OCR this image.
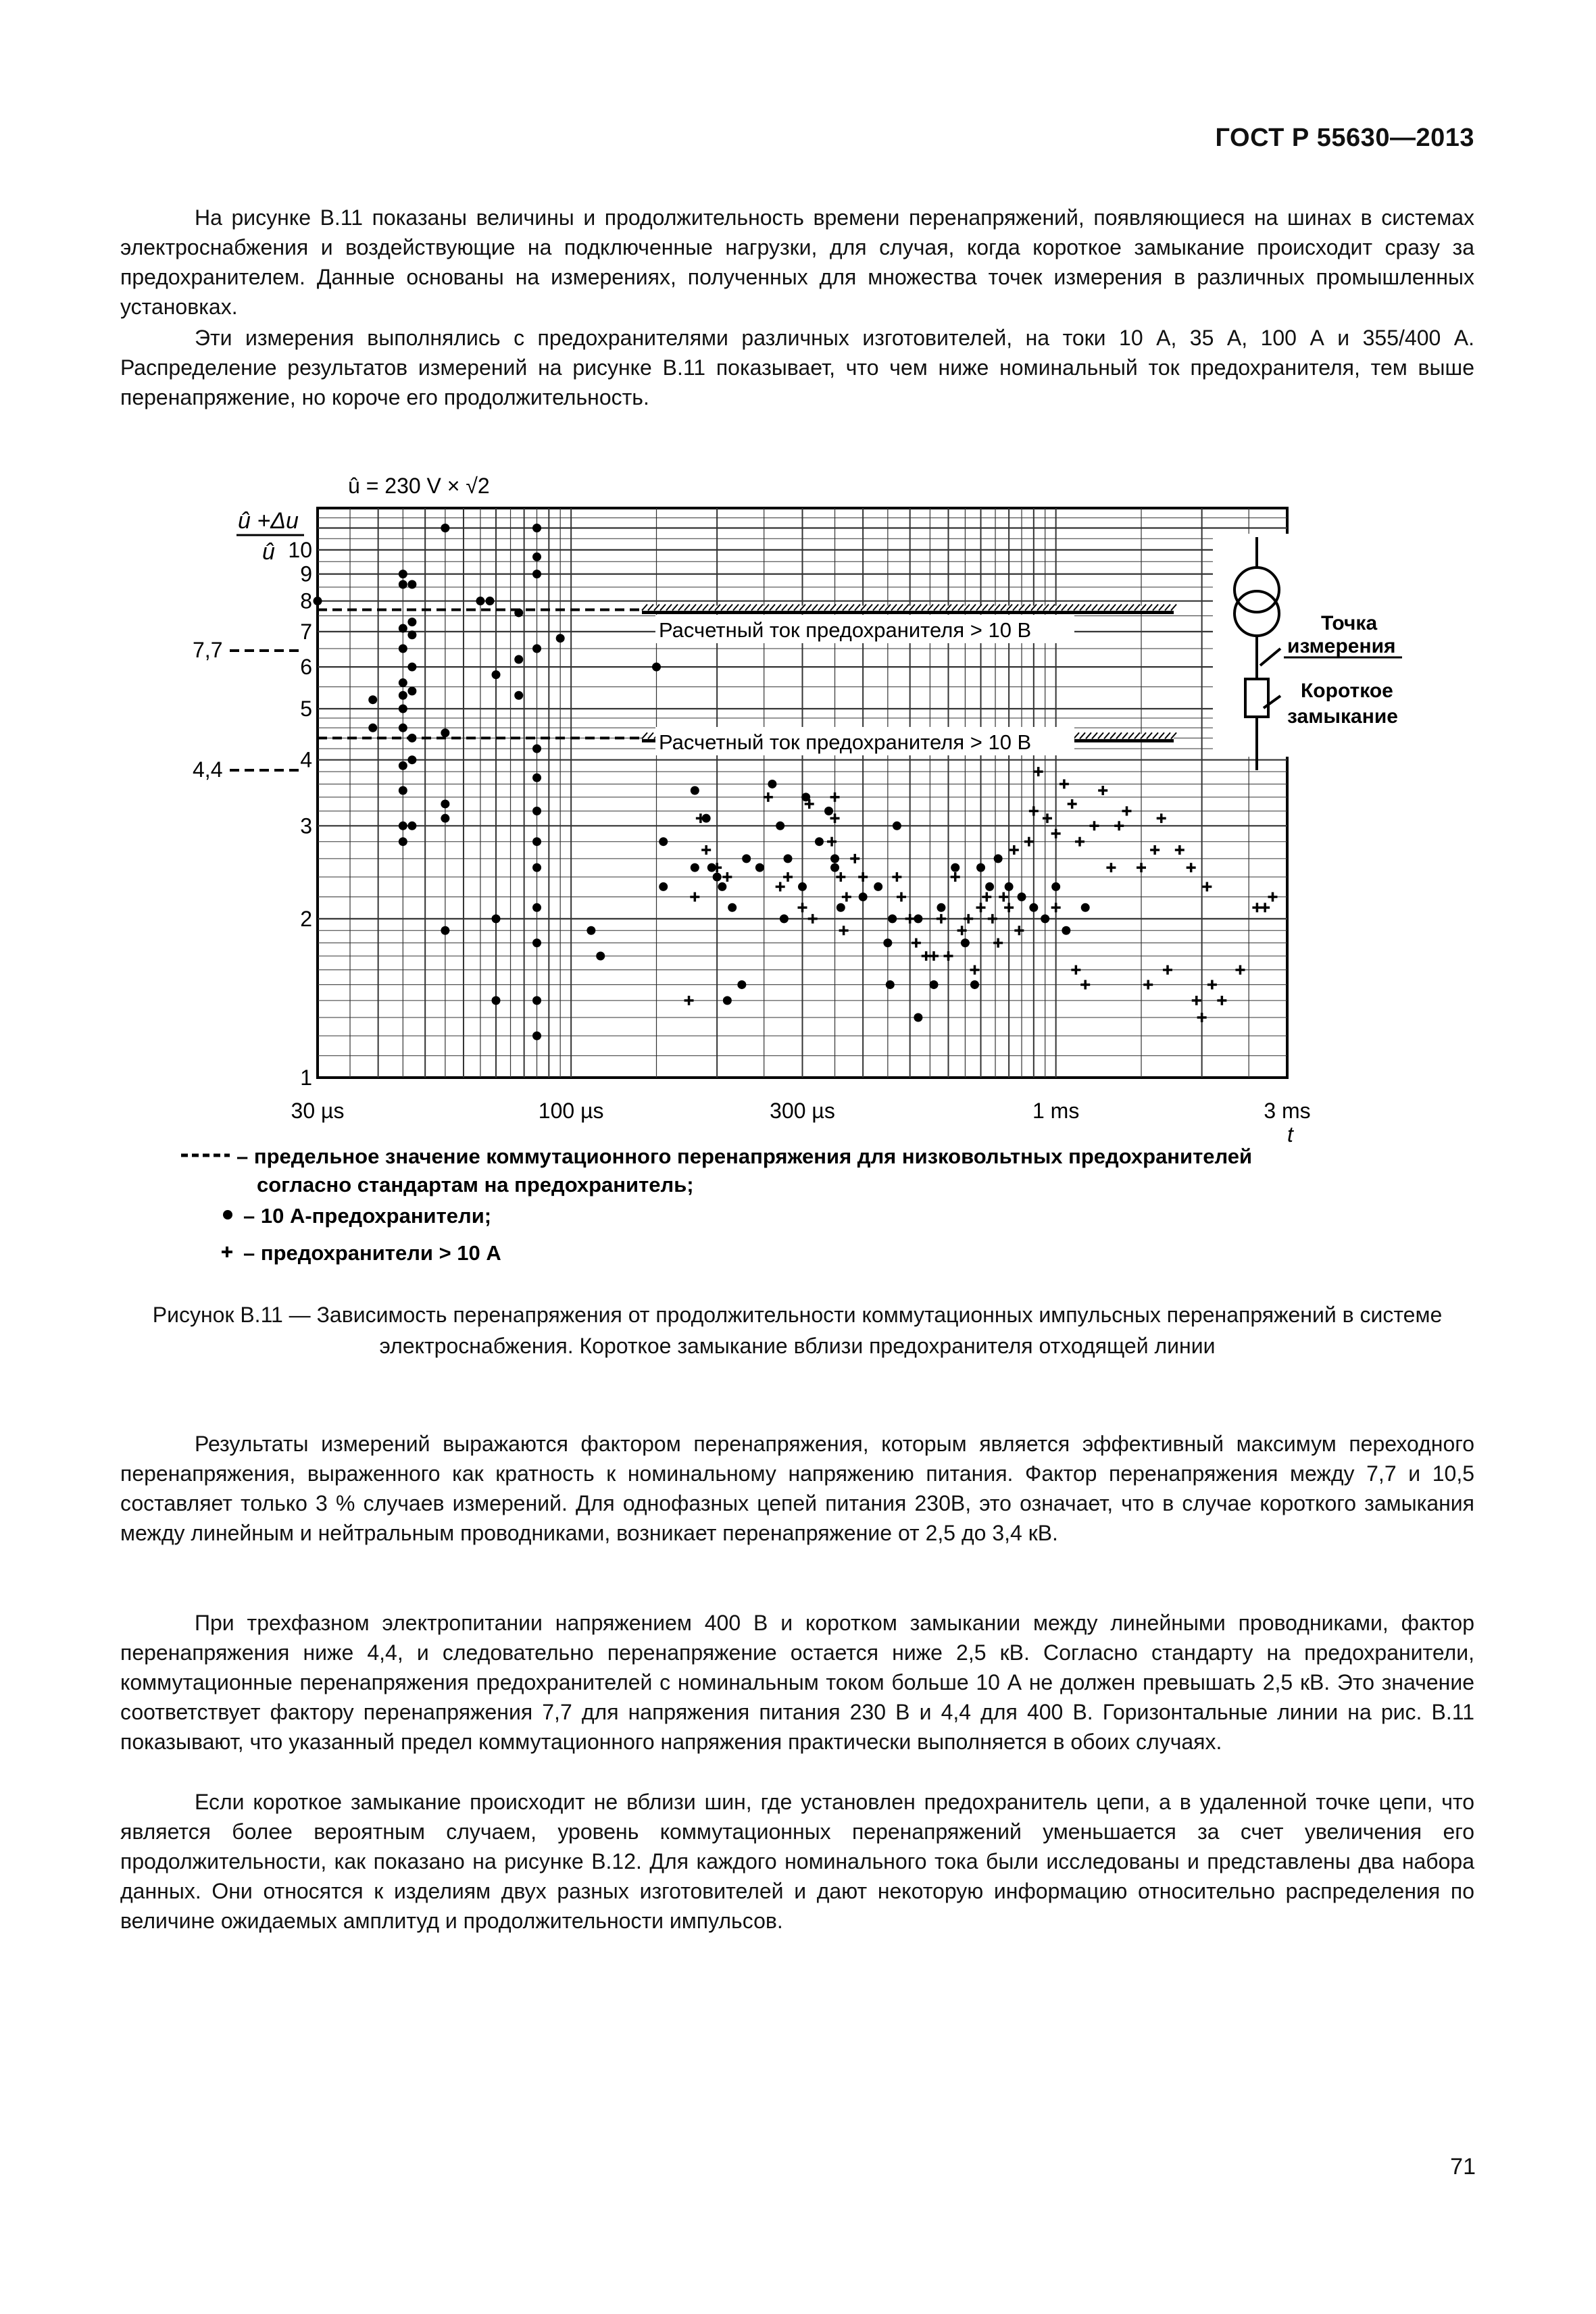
ГОСТ Р 55630—2013

На рисунке В.11 показаны величины и продолжительность времени перенапряжений, появляющиеся на шинах в системах электроснабжения и воздействующие на подключенные нагрузки, для случая, когда короткое замыкание происходит сразу за предохранителем. Данные основаны на измерениях, полученных для множества точек измерения в различных промышленных установках.

Эти измерения выполнялись с предохранителями различных изготовителей, на токи 10 А, 35 А, 100 А и 355/400 А. Распределение результатов измерений на рисунке В.11 показывает, что чем ниже номинальный ток предохранителя, тем выше перенапряжение, но короче его продолжительность.

30 µs	100 µs	300 µs	1 ms	3 ms
1
2
3
4
5
6
7
8
9
10
û = 230 V × √2
û +Δu
û
t
7,7
4,4
Расчетный ток предохранителя > 10 В
Расчетный ток предохранителя > 10 В
Точка
измерения
Короткое
замыкание
Точка измерения
– предельное значение коммутационного перенапряжения для низковольтных предохранителей согласно стандартам на предохранитель;
– 10 А-предохранители;
– предохранители > 10 А

Рисунок В.11 — Зависимость перенапряжения от продолжительности коммутационных импульсных перенапряжений в системе электроснабжения. Короткое замыкание вблизи предохранителя отходящей линии

Результаты измерений выражаются фактором перенапряжения, которым является эффективный максимум переходного перенапряжения, выраженного как кратность к номинальному напряжению питания. Фактор перенапряжения между 7,7 и 10,5 составляет только 3 % случаев измерений. Для однофазных цепей питания 230В, это означает, что в случае короткого замыкания между линейным и нейтральным проводниками, возникает перенапряжение от 2,5 до 3,4 кВ.

При трехфазном электропитании напряжением 400 В и коротком замыкании между линейными проводниками, фактор перенапряжения ниже 4,4, и следовательно перенапряжение остается ниже 2,5 кВ. Согласно стандарту на предохранители, коммутационные перенапряжения предохранителей с номинальным током больше 10 А не должен превышать 2,5 кВ. Это значение соответствует фактору перенапряжения 7,7 для напряжения питания 230 В и 4,4 для 400 В. Горизонтальные линии на рис. В.11 показывают, что указанный предел коммутационного напряжения практически выполняется в обоих случаях.

Если короткое замыкание происходит не вблизи шин, где установлен предохранитель цепи, а в удаленной точке цепи, что является более вероятным случаем, уровень коммутационных перенапряжений уменьшается за счет увеличения его продолжительности, как показано на рисунке В.12. Для каждого номинального тока были исследованы и представлены два набора данных. Они относятся к изделиям двух разных изготовителей и дают некоторую информацию относительно распределения по величине ожидаемых амплитуд и продолжительности импульсов.

71
